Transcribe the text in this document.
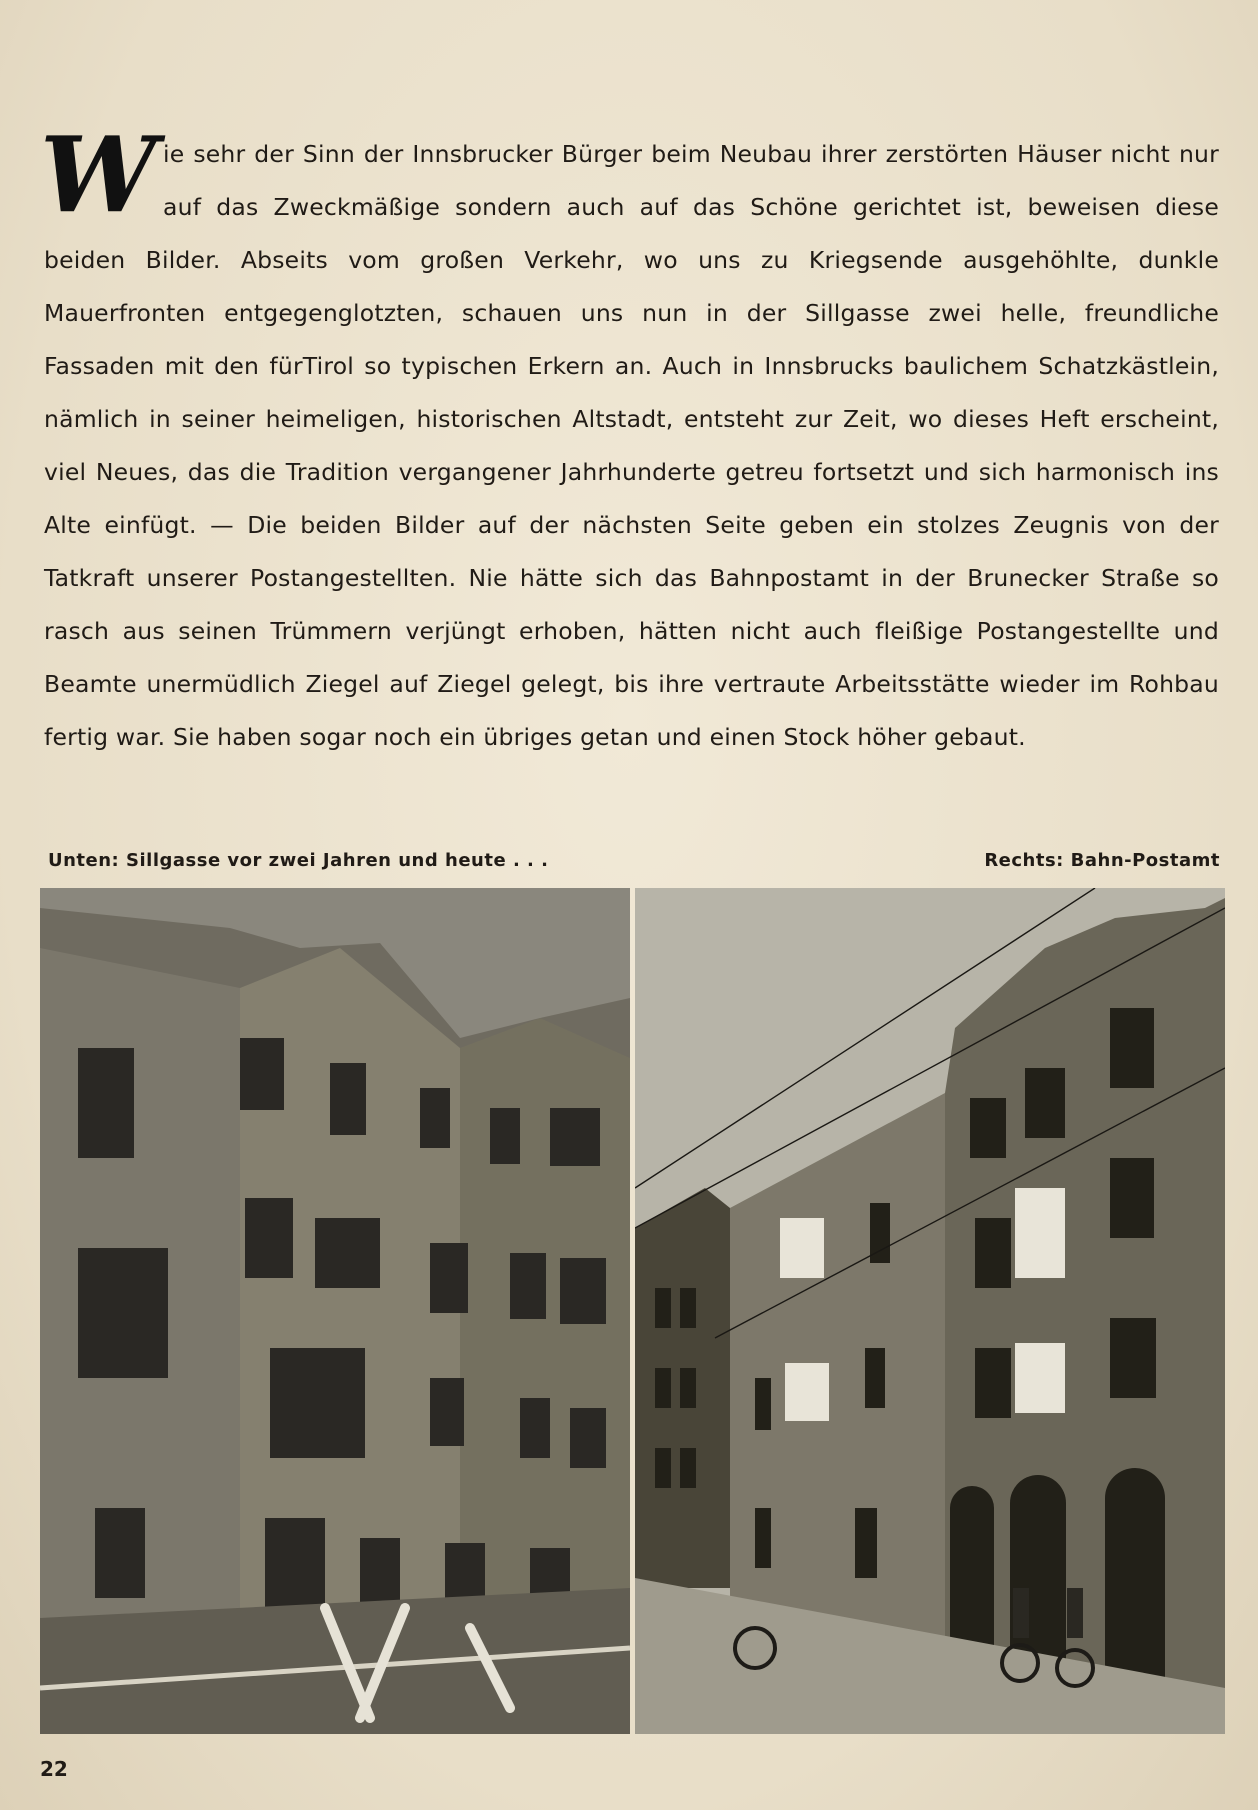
Wie sehr der Sinn der Innsbrucker Bürger beim Neubau ihrer zerstörten Häuser nicht nur auf das Zweckmäßige sondern auch auf das Schöne gerichtet ist, beweisen diese beiden Bilder. Abseits vom großen Verkehr, wo uns zu Kriegsende ausgehöhlte, dunkle Mauerfronten entgegenglotzten, schauen uns nun in der Sillgasse zwei helle, freundliche Fassaden mit den fürTirol so typischen Erkern an. Auch in Innsbrucks baulichem Schatzkästlein, nämlich in seiner heimeligen, historischen Altstadt, entsteht zur Zeit, wo dieses Heft erscheint, viel Neues, das die Tradition vergangener Jahrhunderte getreu fortsetzt und sich harmonisch ins Alte einfügt. — Die beiden Bilder auf der nächsten Seite geben ein stolzes Zeugnis von der Tatkraft unserer Postangestellten. Nie hätte sich das Bahnpostamt in der Brunecker Straße so rasch aus seinen Trümmern verjüngt erhoben, hätten nicht auch fleißige Postangestellte und Beamte unermüdlich Ziegel auf Ziegel gelegt, bis ihre vertraute Arbeitsstätte wieder im Rohbau fertig war. Sie haben sogar noch ein übriges getan und einen Stock höher gebaut.
Unten: Sillgasse vor zwei Jahren und heute . . .	Rechts: Bahn-Postamt
22
